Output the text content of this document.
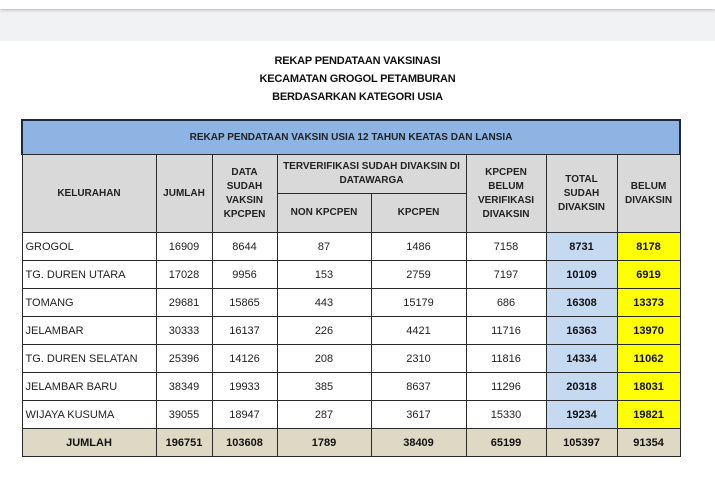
REKAP PENDATAAN VAKSINASI
KECAMATAN GROGOL PETAMBURAN
BERDASARKAN KATEGORI USIA
REKAP PENDATAAN VAKSIN USIA 12 TAHUN KEATAS DAN LANSIA							
KELURAHAN	JUMLAH	DATA SUDAH VAKSIN KPCPEN	TERVERIFIKASI SUDAH DIVAKSIN DI DATAWARGA		KPCPEN BELUM VERIFIKASI DIVAKSIN	TOTAL SUDAH DIVAKSIN	BELUM DIVAKSIN
			NON KPCPEN	KPCPEN			
GROGOL	16909	8644	87	1486	7158	8731	8178
TG. DUREN UTARA	17028	9956	153	2759	7197	10109	6919
TOMANG	29681	15865	443	15179	686	16308	13373
JELAMBAR	30333	16137	226	4421	11716	16363	13970
TG. DUREN SELATAN	25396	14126	208	2310	11816	14334	11062
JELAMBAR BARU	38349	19933	385	8637	11296	20318	18031
WIJAYA KUSUMA	39055	18947	287	3617	15330	19234	19821
JUMLAH	196751	103608	1789	38409	65199	105397	91354
